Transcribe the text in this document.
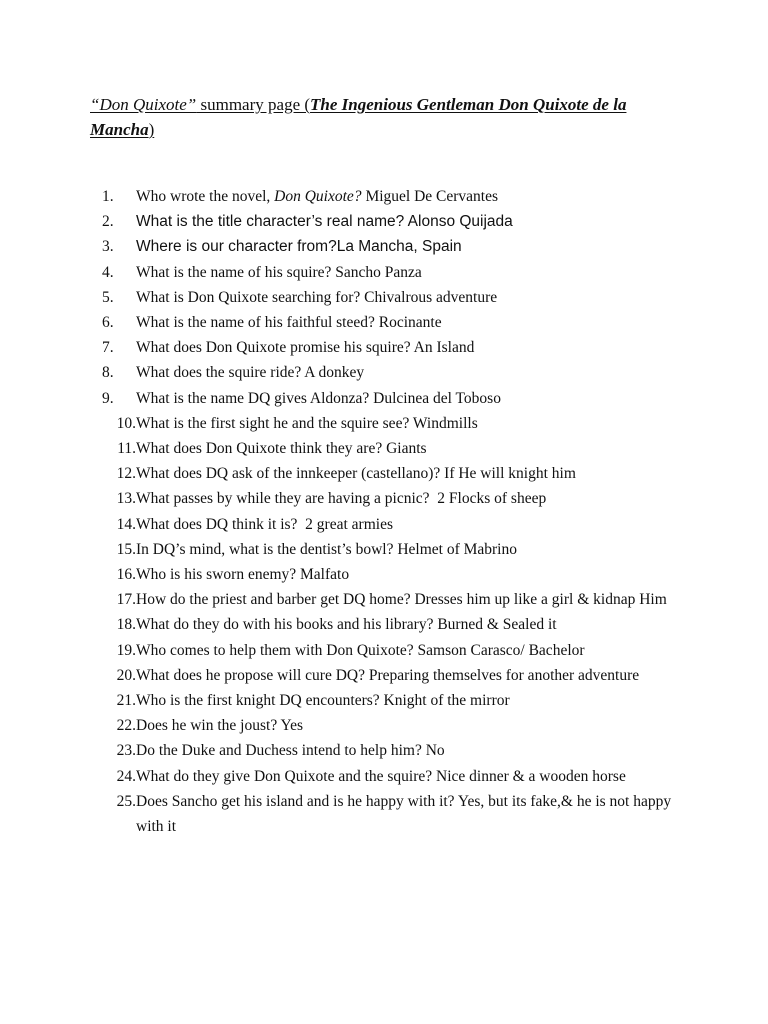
“Don Quixote” summary page (The Ingenious Gentleman Don Quixote de la Mancha)
1.	Who wrote the novel, Don Quixote? Miguel De Cervantes
2.	What is the title character’s real name? Alonso Quijada
3.	Where is our character from?La Mancha, Spain
4.	What is the name of his squire? Sancho Panza
5.	What is Don Quixote searching for? Chivalrous adventure
6.	What is the name of his faithful steed? Rocinante
7.	What does Don Quixote promise his squire? An Island
8.	What does the squire ride? A donkey
9.	What is the name DQ gives Aldonza? Dulcinea del Toboso
10. What is the first sight he and the squire see? Windmills
11. What does Don Quixote think they are? Giants
12. What does DQ ask of the innkeeper (castellano)? If He will knight him
13. What passes by while they are having a picnic?  2 Flocks of sheep
14. What does DQ think it is?  2 great armies
15. In DQ’s mind, what is the dentist’s bowl? Helmet of Mabrino
16. Who is his sworn enemy? Malfato
17. How do the priest and barber get DQ home? Dresses him up like a girl & kidnap Him
18. What do they do with his books and his library? Burned & Sealed it
19. Who comes to help them with Don Quixote? Samson Carasco/ Bachelor
20. What does he propose will cure DQ? Preparing themselves for another adventure
21. Who is the first knight DQ encounters? Knight of the mirror
22. Does he win the joust? Yes
23. Do the Duke and Duchess intend to help him? No
24. What do they give Don Quixote and the squire? Nice dinner & a wooden horse
25. Does Sancho get his island and is he happy with it? Yes, but its fake,& he is not happy with it
